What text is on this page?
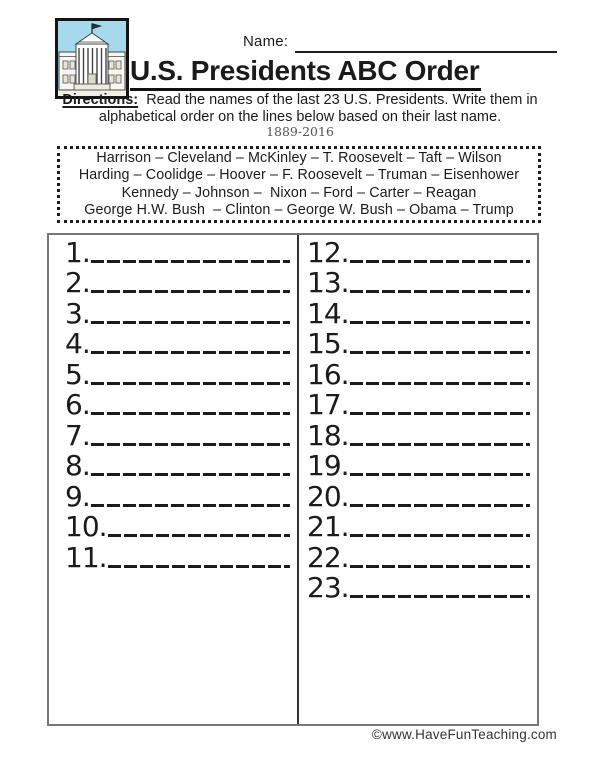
Name:
U.S. Presidents ABC Order
Directions: Read the names of the last 23 U.S. Presidents. Write them in
alphabetical order on the lines below based on their last name.
1889-2016
Harrison – Cleveland – McKinley – T. Roosevelt – Taft – Wilson
Harding – Coolidge – Hoover – F. Roosevelt – Truman – Eisenhower
Kennedy – Johnson –  Nixon – Ford – Carter – Reagan
George H.W. Bush  – Clinton – George W. Bush – Obama – Trump
1.
2.
3.
4.
5.
6.
7.
8.
9.
10.
11.
12.
13.
14.
15.
16.
17.
18.
19.
20.
21.
22.
23.
©www.HaveFunTeaching.com
